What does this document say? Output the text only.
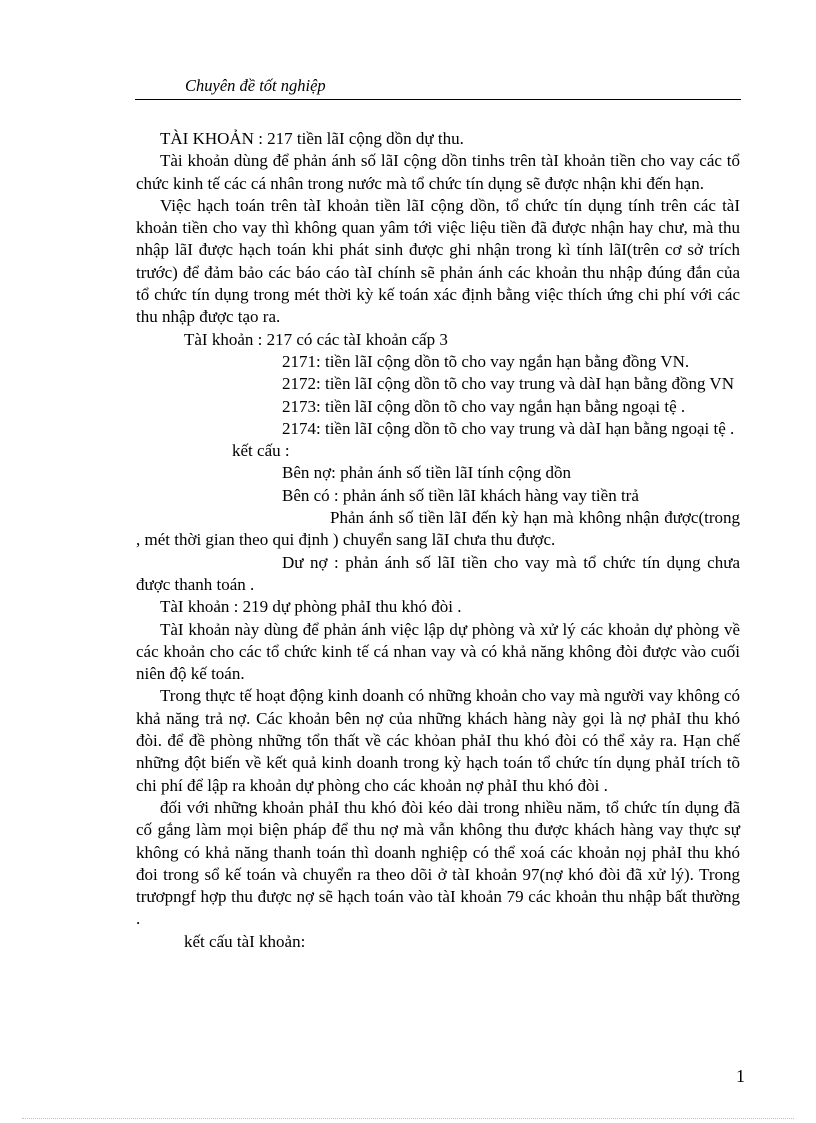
Chuyên đề tốt nghiệp

TÀI KHOẢN : 217 tiền lãI cộng dồn dự thu.

Tài khoản dùng để phản ánh số lãI cộng dồn tinhs trên tàI khoản tiền cho vay các tổ chức kinh tế các cá nhân trong nước mà tổ chức tín dụng sẽ được nhận khi đến hạn.

Việc hạch toán trên tàI khoản tiền lãI cộng dồn, tổ chức tín dụng tính trên các tàI khoản tiền cho vay thì không quan yâm tới việc liệu tiền đã được nhận hay chư, mà thu nhập lãI được hạch toán khi phát sinh được ghi nhận trong kì tính lãI(trên cơ sở trích trước) để đảm bảo các báo cáo tàI chính sẽ phản ánh các khoản thu nhập đúng đắn của tổ chức tín dụng trong mét thời kỳ kế toán xác định bằng việc thích ứng chi phí với các thu nhập được tạo ra.

TàI khoản : 217 có các tàI khoản cấp 3

2171: tiền lãI cộng dồn tõ cho vay ngắn hạn bằng đồng VN.

2172: tiền lãI cộng dồn tõ cho vay trung và dàI hạn bằng đồng VN

2173: tiền lãI cộng dồn tõ cho vay ngắn hạn bằng ngoại tệ .

2174: tiền lãI cộng dồn tõ cho vay trung và dàI hạn bằng ngoại tệ .

kết cấu :

Bên nợ: phản ánh số tiền lãI tính cộng dồn

Bên có : phản ánh số tiền lãI khách hàng vay tiền trả

Phản ánh số tiền lãI đến kỳ hạn mà không nhận được(trong , mét thời gian theo qui định ) chuyển sang lãI chưa thu được.

Dư nợ : phản ánh số lãI tiền cho vay mà tổ chức tín dụng chưa được thanh toán .

TàI khoản : 219 dự phòng phảI thu khó đòi .

TàI khoản này dùng để phản ánh việc lập dự phòng và xử lý các khoản dự phòng về các khoản cho các tổ chức kinh tế cá nhan vay và có khả năng không đòi được vào cuối niên độ kế toán.

Trong thực tế hoạt động kinh doanh có những khoản cho vay mà người vay không có khả năng trả nợ. Các khoản bên nợ của những khách hàng này gọi là nợ phảI thu khó đòi. để đề phòng những tổn thất về các khỏan phảI thu khó đòi có thể xảy ra. Hạn chế những đột biến về kết quả kinh doanh trong kỳ hạch toán tổ chức tín dụng phảI trích tõ chi phí để lập ra khoản dự phòng cho các khoản nợ phảI thu khó đòi .

đối với những khoản phảI thu khó đòi kéo dài trong nhiều năm, tổ chức tín dụng đã cố gắng làm mọi biện pháp để thu nợ mà vẫn không thu được khách hàng vay thực sự không có khả năng thanh toán thì doanh nghiệp có thể xoá các khoản nọj phảI thu khó đoi trong sổ kế toán và chuyển ra theo dõi ở tàI khoản 97(nợ khó đòi đã xử lý). Trong trươpngf hợp thu được nợ sẽ hạch toán vào tàI khoản 79 các khoản thu nhập bất thường .

kết cấu tàI khoản:

1
